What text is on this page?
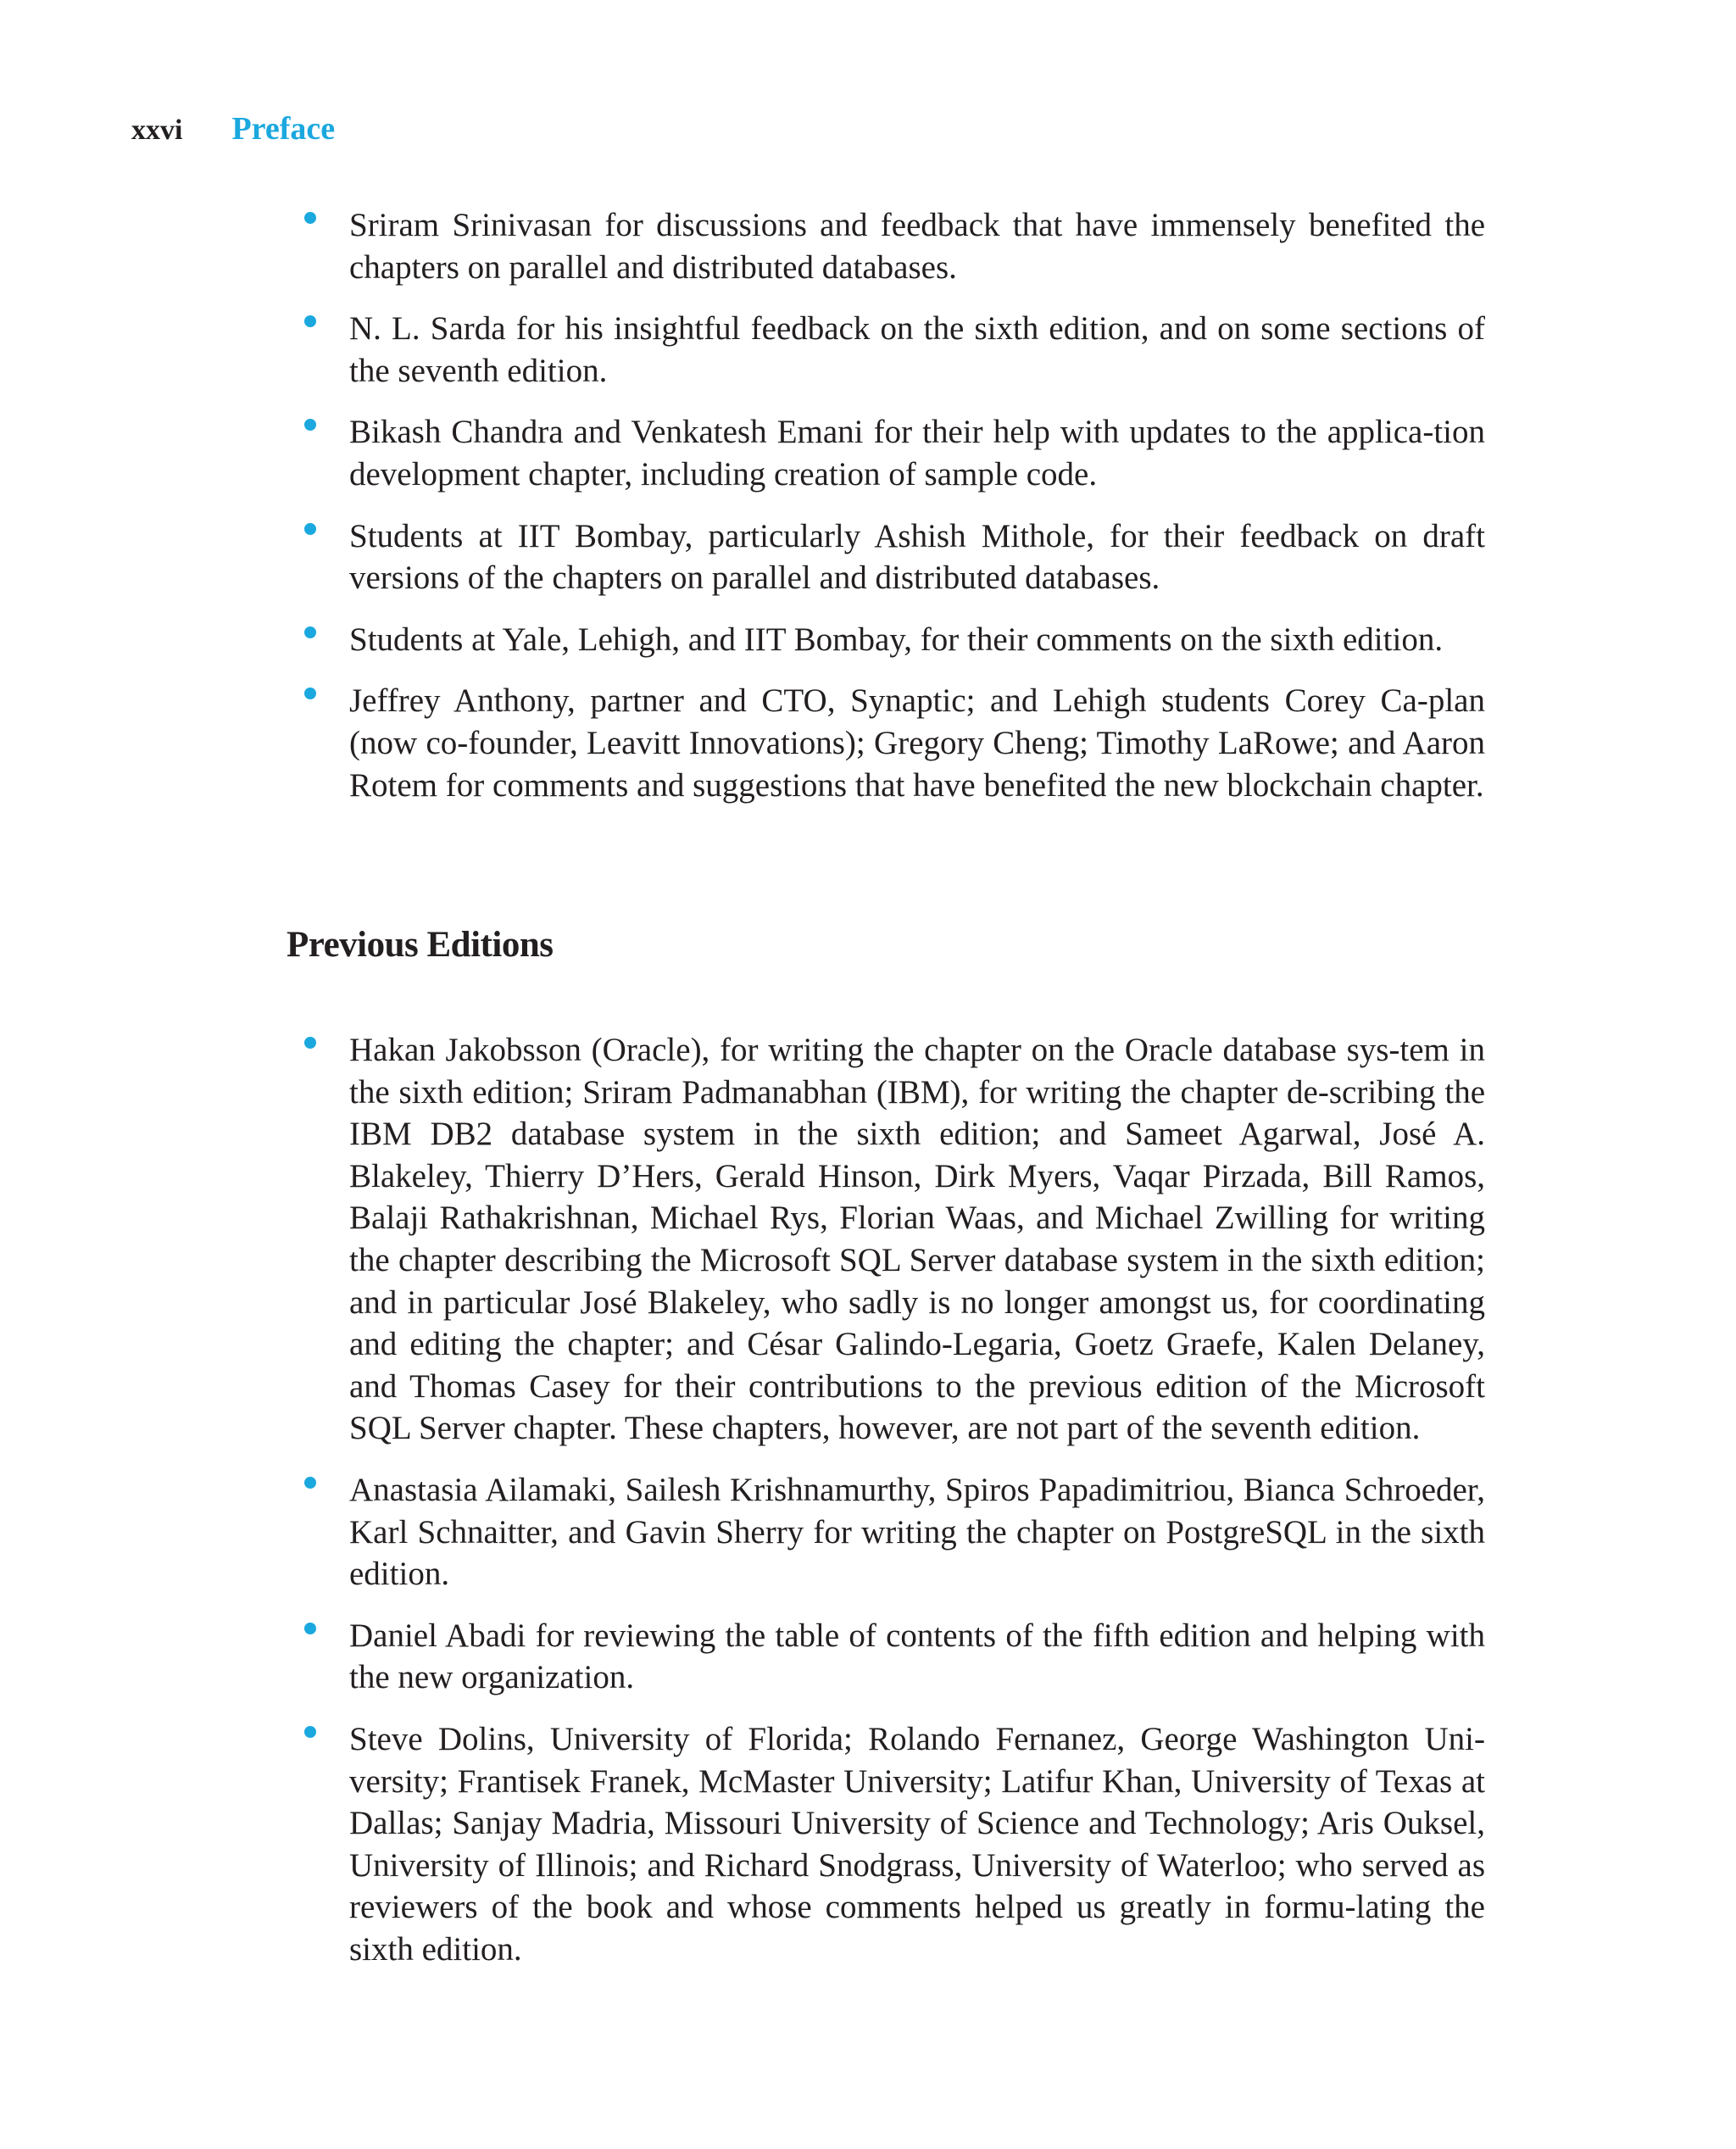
xxvi Preface
Sriram Srinivasan for discussions and feedback that have immensely benefited the chapters on parallel and distributed databases.
N. L. Sarda for his insightful feedback on the sixth edition, and on some sections of the seventh edition.
Bikash Chandra and Venkatesh Emani for their help with updates to the applica-tion development chapter, including creation of sample code.
Students at IIT Bombay, particularly Ashish Mithole, for their feedback on draft versions of the chapters on parallel and distributed databases.
Students at Yale, Lehigh, and IIT Bombay, for their comments on the sixth edition.
Jeffrey Anthony, partner and CTO, Synaptic; and Lehigh students Corey Ca-plan (now co-founder, Leavitt Innovations); Gregory Cheng; Timothy LaRowe; and Aaron Rotem for comments and suggestions that have benefited the new blockchain chapter.
Previous Editions
Hakan Jakobsson (Oracle), for writing the chapter on the Oracle database sys-tem in the sixth edition; Sriram Padmanabhan (IBM), for writing the chapter de-scribing the IBM DB2 database system in the sixth edition; and Sameet Agarwal, José A. Blakeley, Thierry D’Hers, Gerald Hinson, Dirk Myers, Vaqar Pirzada, Bill Ramos, Balaji Rathakrishnan, Michael Rys, Florian Waas, and Michael Zwilling for writing the chapter describing the Microsoft SQL Server database system in the sixth edition; and in particular José Blakeley, who sadly is no longer amongst us, for coordinating and editing the chapter; and César Galindo-Legaria, Goetz Graefe, Kalen Delaney, and Thomas Casey for their contributions to the previous edition of the Microsoft SQL Server chapter. These chapters, however, are not part of the seventh edition.
Anastasia Ailamaki, Sailesh Krishnamurthy, Spiros Papadimitriou, Bianca Schroeder, Karl Schnaitter, and Gavin Sherry for writing the chapter on PostgreSQL in the sixth edition.
Daniel Abadi for reviewing the table of contents of the fifth edition and helping with the new organization.
Steve Dolins, University of Florida; Rolando Fernanez, George Washington Uni-versity; Frantisek Franek, McMaster University; Latifur Khan, University of Texas at Dallas; Sanjay Madria, Missouri University of Science and Technology; Aris Ouksel, University of Illinois; and Richard Snodgrass, University of Waterloo; who served as reviewers of the book and whose comments helped us greatly in formu-lating the sixth edition.
